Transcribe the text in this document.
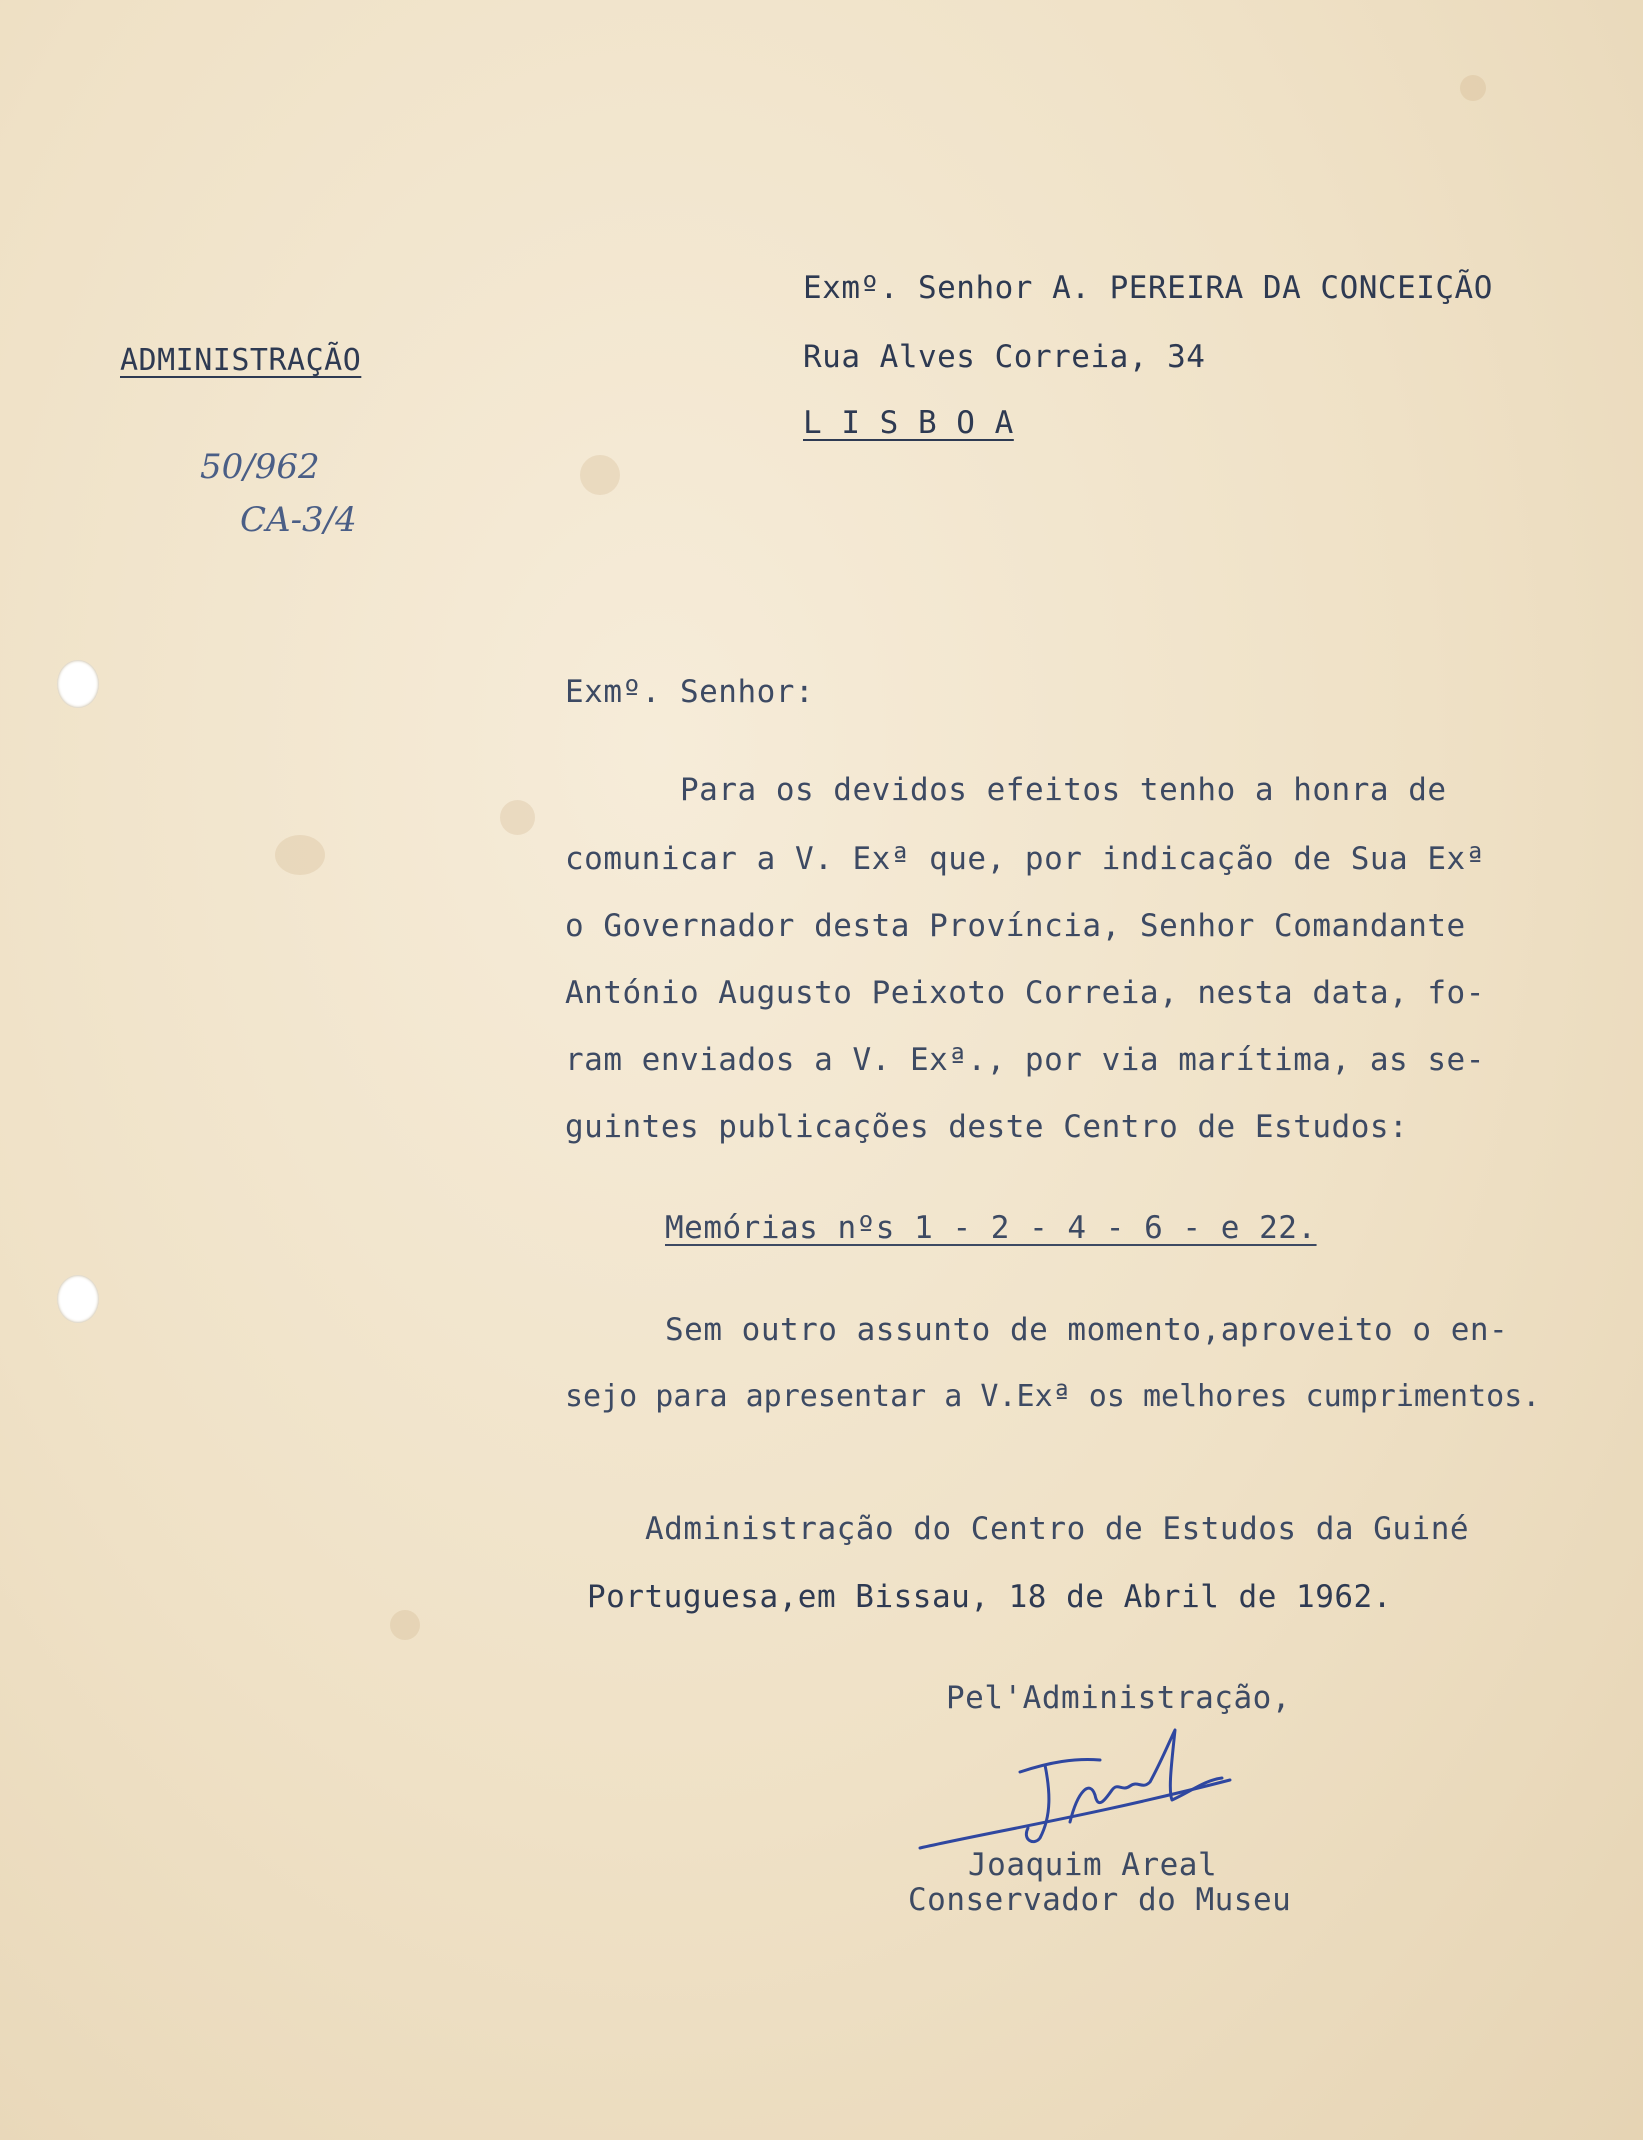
ADMINISTRAÇÃO
50/962
CA-3/4
Exmº. Senhor A. PEREIRA DA CONCEIÇÃO
Rua Alves Correia, 34
L I S B O A
Exmº. Senhor:
Para os devidos efeitos tenho a honra de
comunicar a V. Exª que, por indicação de Sua Exª
o Governador desta Província, Senhor Comandante
António Augusto Peixoto Correia, nesta data, fo-
ram enviados a V. Exª., por via marítima, as se-
guintes publicações deste Centro de Estudos:
Memórias nºs 1 - 2 - 4 - 6 - e 22.
Sem outro assunto de momento,aproveito o en-
sejo para apresentar a V.Exª os melhores cumprimentos.
Administração do Centro de Estudos da Guiné
Portuguesa,em Bissau, 18 de Abril de 1962.
Pel'Administração,
Joaquim Areal
Conservador do Museu
